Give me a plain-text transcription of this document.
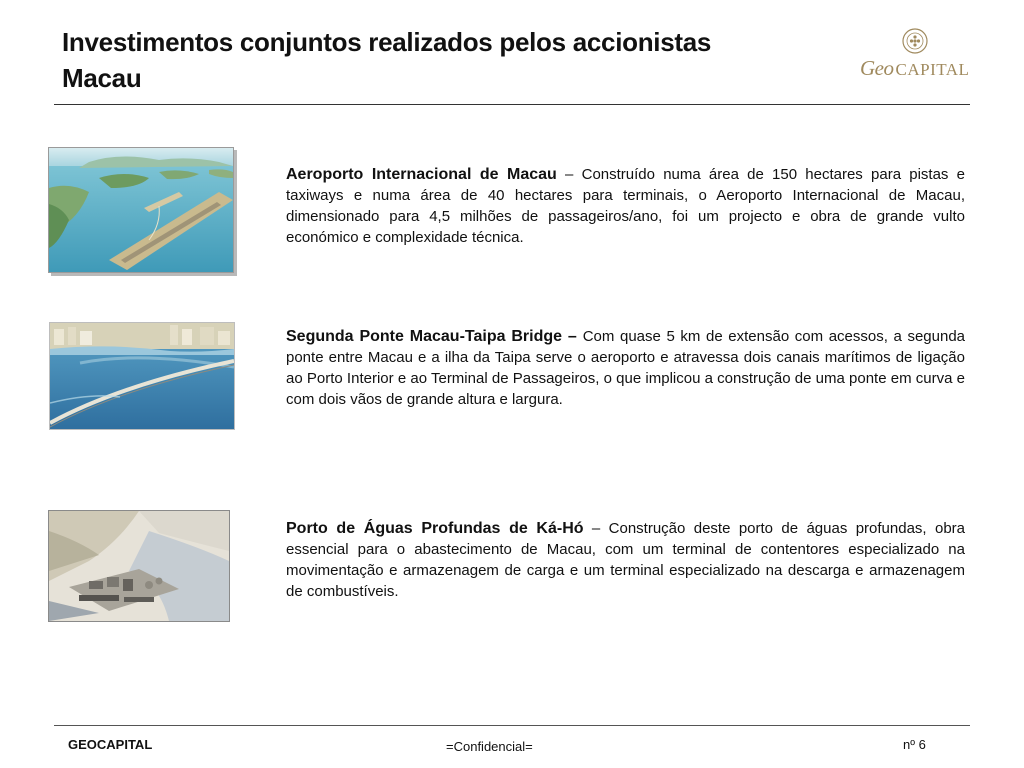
Investimentos conjuntos realizados pelos accionistas
Macau	Geo CAPITAL
Aeroporto Internacional de Macau – Construído numa área de 150 hectares para pistas e taxiways e numa área de 40 hectares para terminais, o Aeroporto Internacional de Macau, dimensionado para 4,5 milhões de passageiros/ano, foi um projecto e obra de grande vulto económico e complexidade técnica.
Segunda Ponte Macau-Taipa Bridge – Com quase 5 km de extensão com acessos, a segunda ponte entre Macau e a ilha da Taipa serve o aeroporto e atravessa dois canais marítimos de ligação ao Porto Interior e ao Terminal de Passageiros, o que implicou a construção de uma ponte em curva e com dois vãos de grande altura e largura.
Porto de Águas Profundas de Ká-Hó – Construção deste porto de águas profundas, obra essencial para o abastecimento de Macau, com um terminal de contentores especializado na movimentação e armazenagem de carga e um terminal especializado na descarga e armazenagem de combustíveis.
GEOCAPITAL	=Confidencial=	nº 6
